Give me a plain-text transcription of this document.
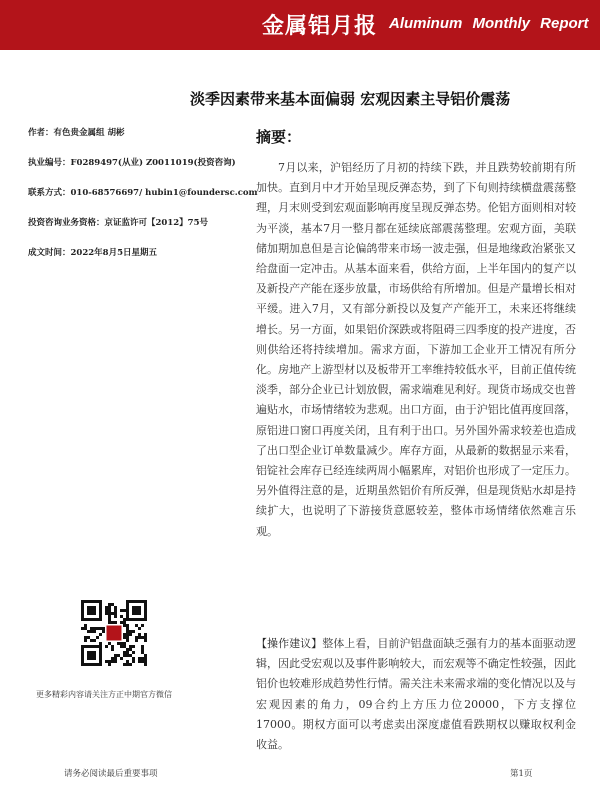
金属铝月报 Aluminum Monthly Report
淡季因素带来基本面偏弱 宏观因素主导铝价震荡
作者：有色贵金属组 胡彬
执业编号：F0289497(从业) Z0011019(投资咨询)
联系方式：010-68576697/ hubin1@foundersc.com
投资咨询业务资格：京证监许可【2012】75号
成文时间：2022年8月5日星期五
摘要：

7月以来，沪铝经历了月初的持续下跌，并且跌势较前期有所加快。直到月中才开始呈现反弹态势，到了下旬则持续横盘震荡整理，月末则受到宏观面影响再度呈现反弹态势。伦铝方面则相对较为平淡，基本7月一整月都在延续底部震荡整理。宏观方面，美联储加期加息但是言论偏鸽带来市场一波走强，但是地缘政治紧张又给盘面一定冲击。从基本面来看，供给方面，上半年国内的复产以及新投产产能在逐步放量，市场供给有所增加。但是产量增长相对平缓。进入7月，又有部分新投以及复产产能开工，未来还将继续增长。另一方面，如果铝价深跌或将阻碍三四季度的投产进度，否则供给还将持续增加。需求方面，下游加工企业开工情况有所分化。房地产上游型材以及板带开工率维持较低水平，目前正值传统淡季，部分企业已计划放假，需求端难见利好。现货市场成交也普遍贴水，市场情绪较为悲观。出口方面，由于沪铝比值再度回落，原铝进口窗口再度关闭，且有利于出口。另外国外需求较差也造成了出口型企业订单数量减少。库存方面，从最新的数据显示来看，铝锭社会库存已经连续两周小幅累库，对铝价也形成了一定压力。另外值得注意的是，近期虽然铝价有所反弹，但是现货贴水却是持续扩大，也说明了下游接货意愿较差，整体市场情绪依然难言乐观。

【操作建议】整体上看，目前沪铝盘面缺乏强有力的基本面驱动逻辑，因此受宏观以及事件影响较大，而宏观等不确定性较强，因此铝价也较难形成趋势性行情。需关注未来需求端的变化情况以及与宏观因素的角力，09合约上方压力位20000，下方支撑位17000。期权方面可以考虑卖出深度虚值看跌期权以赚取权利金收益。
更多精彩内容请关注方正中期官方微信
请务必阅读最后重要事项	第1页
